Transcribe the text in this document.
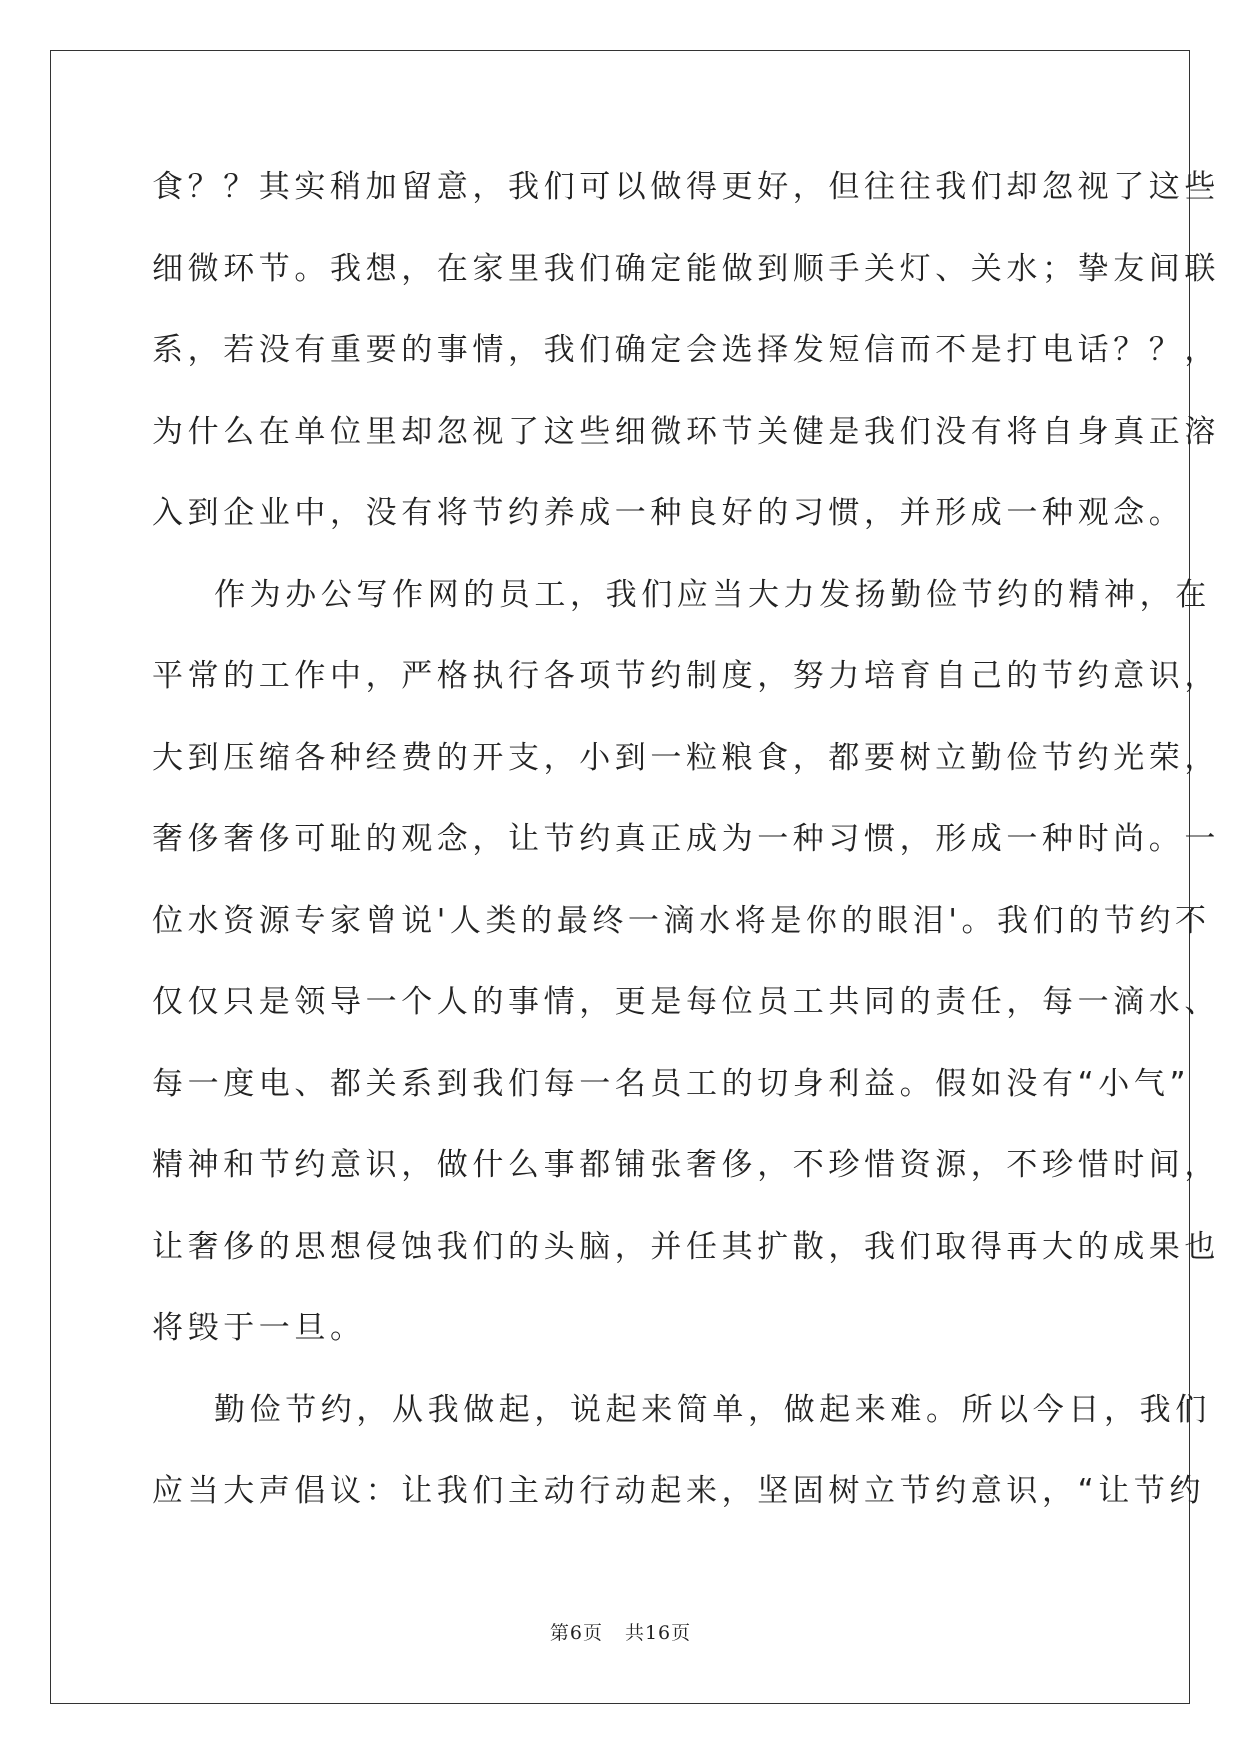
食？？其实稍加留意，我们可以做得更好，但往往我们却忽视了这些
细微环节。我想，在家里我们确定能做到顺手关灯、关水；挚友间联
系，若没有重要的事情，我们确定会选择发短信而不是打电话？？，
为什么在单位里却忽视了这些细微环节关健是我们没有将自身真正溶
入到企业中，没有将节约养成一种良好的习惯，并形成一种观念。
作为办公写作网的员工，我们应当大力发扬勤俭节约的精神，在
平常的工作中，严格执行各项节约制度，努力培育自己的节约意识，
大到压缩各种经费的开支，小到一粒粮食，都要树立勤俭节约光荣，
奢侈奢侈可耻的观念，让节约真正成为一种习惯，形成一种时尚。一
位水资源专家曾说'人类的最终一滴水将是你的眼泪'。我们的节约不
仅仅只是领导一个人的事情，更是每位员工共同的责任，每一滴水、
每一度电、都关系到我们每一名员工的切身利益。假如没有“小气”
精神和节约意识，做什么事都铺张奢侈，不珍惜资源，不珍惜时间，
让奢侈的思想侵蚀我们的头脑，并任其扩散，我们取得再大的成果也
将毁于一旦。
勤俭节约，从我做起，说起来简单，做起来难。所以今日，我们
应当大声倡议：让我们主动行动起来，坚固树立节约意识，“让节约
第6页 共16页
